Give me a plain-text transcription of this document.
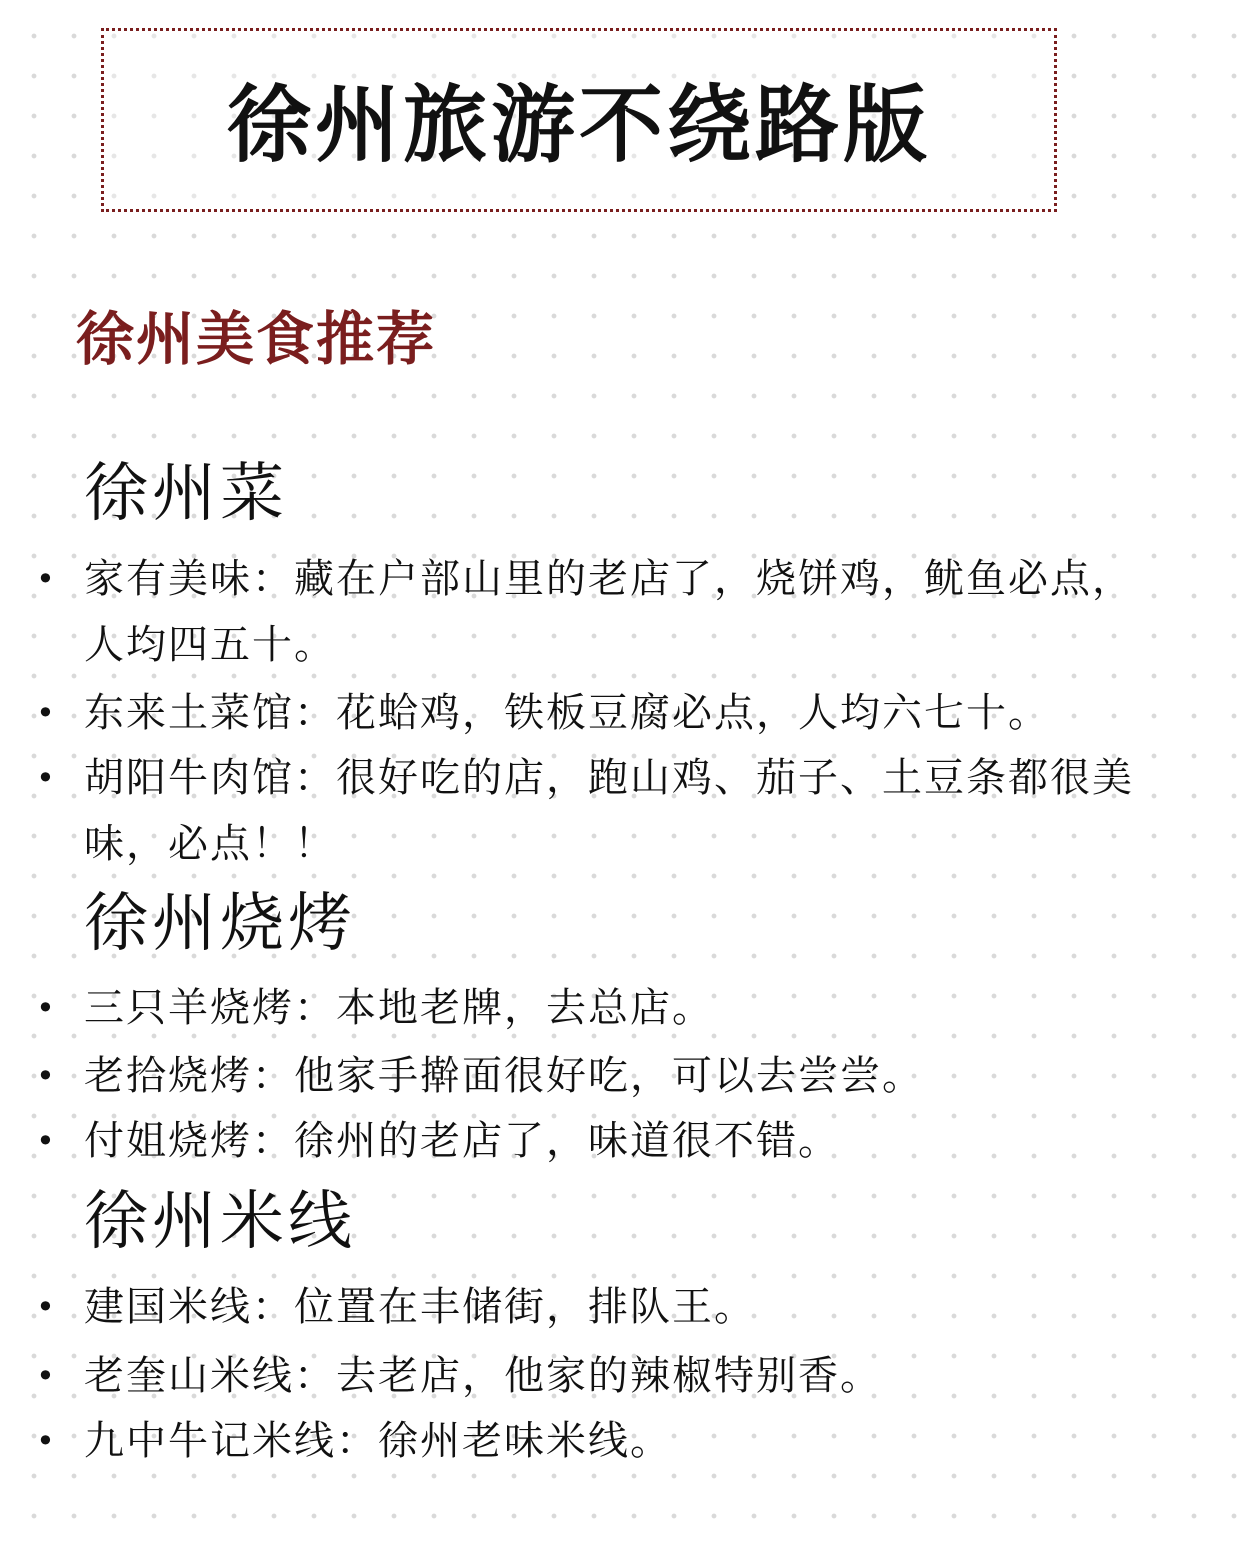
徐州旅游不绕路版
徐州美食推荐
徐州菜
• 家有美味：藏在户部山里的老店了，烧饼鸡，鱿鱼必点，人均四五十。
• 东来土菜馆：花蛤鸡，铁板豆腐必点，人均六七十。
• 胡阳牛肉馆：很好吃的店，跑山鸡、茄子、土豆条都很美味，必点！！
徐州烧烤
• 三只羊烧烤：本地老牌，去总店。
• 老拾烧烤：他家手擀面很好吃，可以去尝尝。
• 付姐烧烤：徐州的老店了，味道很不错。
徐州米线
• 建国米线：位置在丰储街，排队王。
• 老奎山米线：去老店，他家的辣椒特别香。
• 九中牛记米线：徐州老味米线。
